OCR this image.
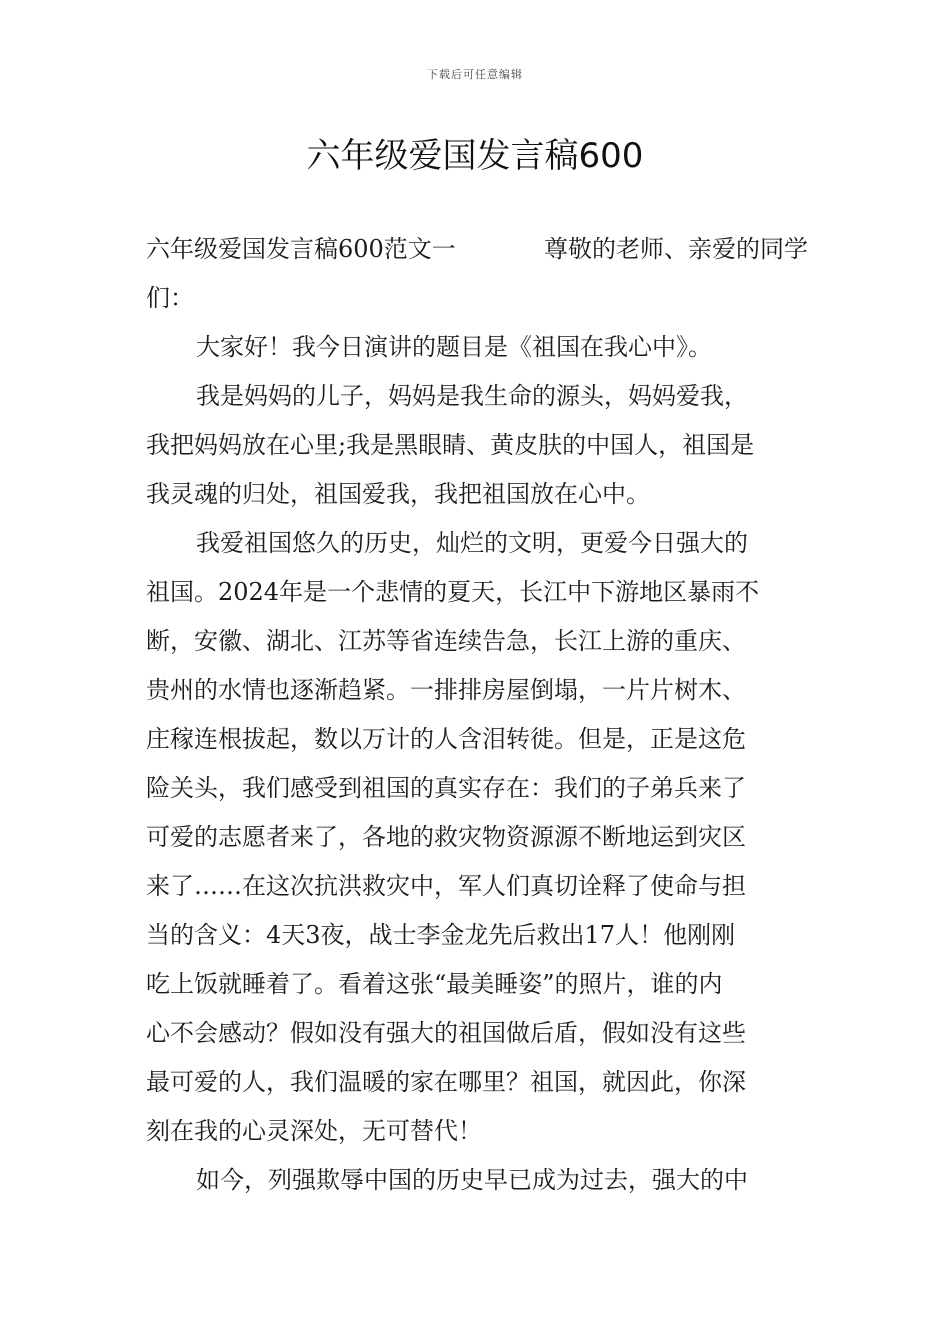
下载后可任意编辑
六年级爱国发言稿600
六年级爱国发言稿600范文一	尊敬的老师、亲爱的同学
们：
大家好！我今日演讲的题目是《祖国在我心中》。
我是妈妈的儿子，妈妈是我生命的源头，妈妈爱我，
我把妈妈放在心里;我是黑眼睛、黄皮肤的中国人，祖国是
我灵魂的归处，祖国爱我，我把祖国放在心中。
我爱祖国悠久的历史，灿烂的文明，更爱今日强大的
祖国。2024年是一个悲情的夏天，长江中下游地区暴雨不
断，安徽、湖北、江苏等省连续告急，长江上游的重庆、
贵州的水情也逐渐趋紧。一排排房屋倒塌，一片片树木、
庄稼连根拔起，数以万计的人含泪转徙。但是，正是这危
险关头，我们感受到祖国的真实存在：我们的子弟兵来了
可爱的志愿者来了，各地的救灾物资源源不断地运到灾区
来了……在这次抗洪救灾中，军人们真切诠释了使命与担
当的含义：4天3夜，战士李金龙先后救出17人！他刚刚
吃上饭就睡着了。看着这张“最美睡姿”的照片，谁的内
心不会感动？假如没有强大的祖国做后盾，假如没有这些
最可爱的人，我们温暖的家在哪里？祖国，就因此，你深
刻在我的心灵深处，无可替代！
如今，列强欺辱中国的历史早已成为过去，强大的中
